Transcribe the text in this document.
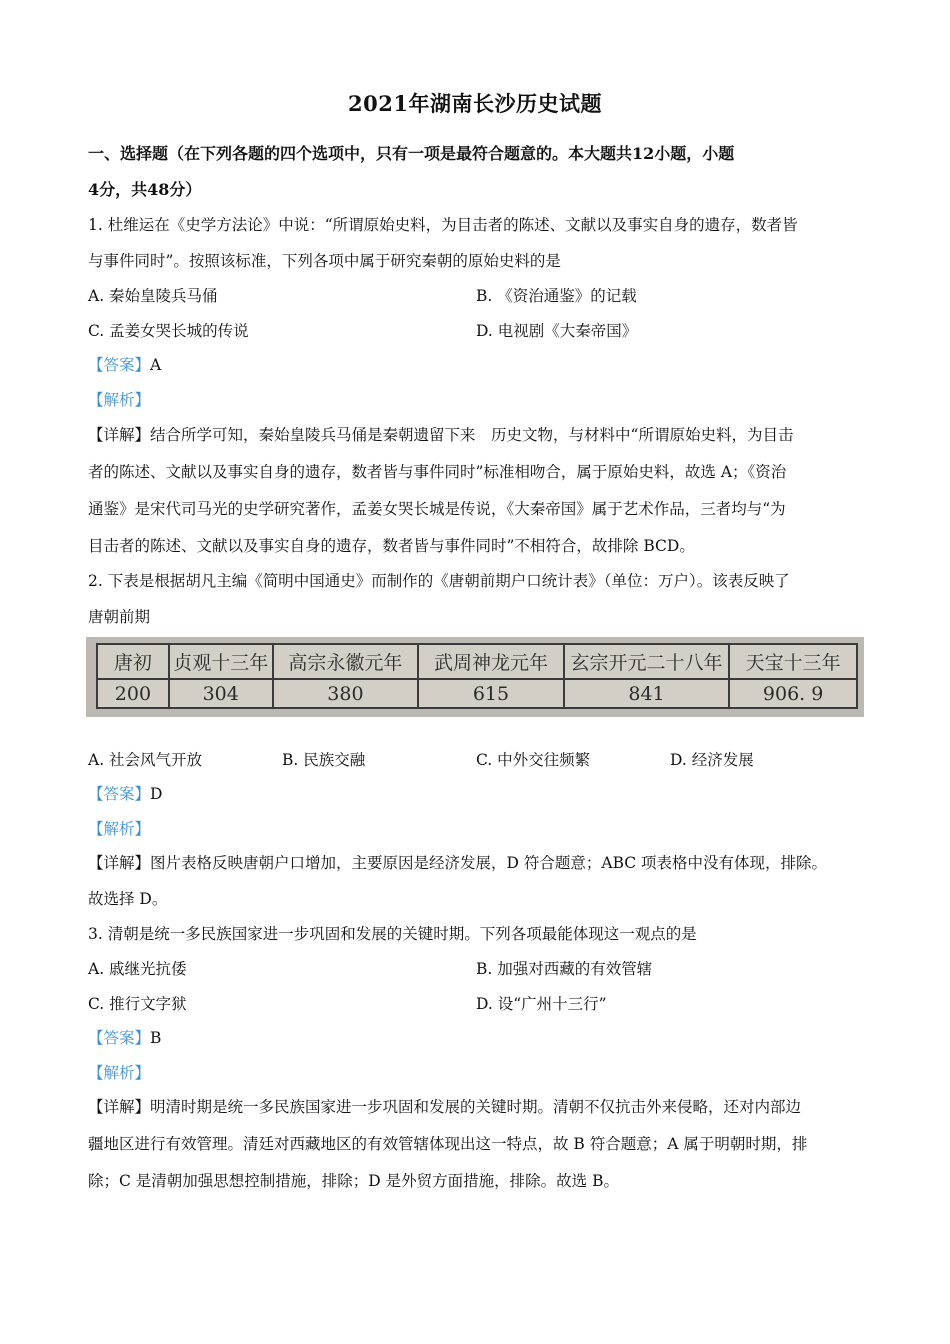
2021年湖南长沙历史试题
一、选择题（在下列各题的四个选项中，只有一项是最符合题意的。本大题共12小题，小题
4分，共48分）
1. 杜维运在《史学方法论》中说：“所谓原始史料，为目击者的陈述、文献以及事实自身的遗存，数者皆
与事件同时”。按照该标准，下列各项中属于研究秦朝的原始史料的是
A. 秦始皇陵兵马俑	B. 《资治通鉴》的记载
C. 孟姜女哭长城的传说	D. 电视剧《大秦帝国》
【答案】A
【解析】
【详解】结合所学可知，秦始皇陵兵马俑是秦朝遗留下来　历史文物，与材料中“所谓原始史料，为目击
者的陈述、文献以及事实自身的遗存，数者皆与事件同时”标准相吻合，属于原始史料，故选 A；《资治
通鉴》是宋代司马光的史学研究著作，孟姜女哭长城是传说，《大秦帝国》属于艺术作品，三者均与“为
目击者的陈述、文献以及事实自身的遗存，数者皆与事件同时”不相符合，故排除 BCD。
2. 下表是根据胡凡主编《简明中国通史》而制作的《唐朝前期户口统计表》（单位：万户）。该表反映了
唐朝前期
唐初	贞观十三年	高宗永徽元年	武周神龙元年	玄宗开元二十八年	天宝十三年
200	304	380	615	841	906. 9
A. 社会风气开放	B. 民族交融	C. 中外交往频繁	D. 经济发展
【答案】D
【解析】
【详解】图片表格反映唐朝户口增加，主要原因是经济发展，D 符合题意；ABC 项表格中没有体现，排除。
故选择 D。
3. 清朝是统一多民族国家进一步巩固和发展的关键时期。下列各项最能体现这一观点的是
A. 戚继光抗倭	B. 加强对西藏的有效管辖
C. 推行文字狱	D. 设“广州十三行”
【答案】B
【解析】
【详解】明清时期是统一多民族国家进一步巩固和发展的关键时期。清朝不仅抗击外来侵略，还对内部边
疆地区进行有效管理。清廷对西藏地区的有效管辖体现出这一特点，故 B 符合题意；A 属于明朝时期，排
除；C 是清朝加强思想控制措施，排除；D 是外贸方面措施，排除。故选 B。
